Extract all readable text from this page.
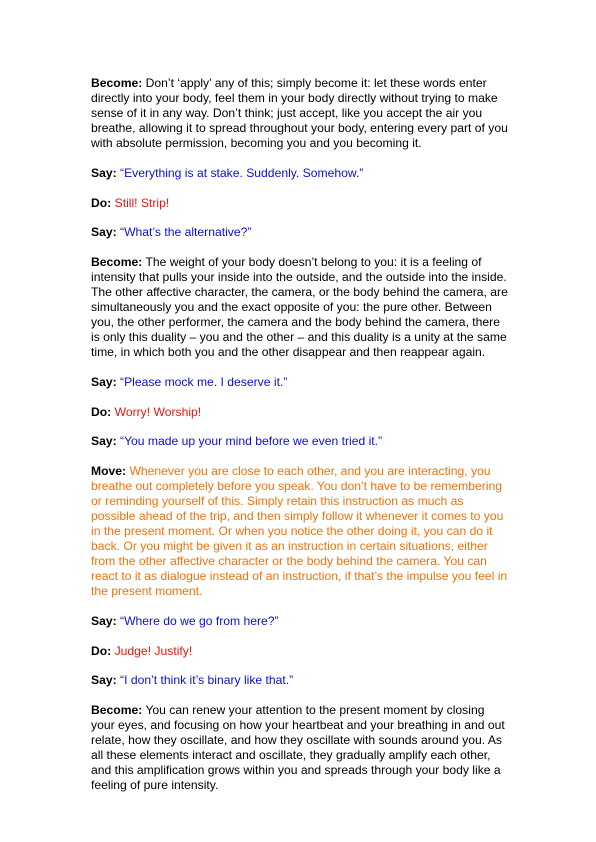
Become: Don’t ‘apply’ any of this; simply become it: let these words enter directly into your body, feel them in your body directly without trying to make sense of it in any way. Don’t think; just accept, like you accept the air you breathe, allowing it to spread throughout your body, entering every part of you with absolute permission, becoming you and you becoming it.

Say: “Everything is at stake. Suddenly. Somehow.”

Do: Still! Strip!

Say: “What’s the alternative?”

Become: The weight of your body doesn’t belong to you: it is a feeling of intensity that pulls your inside into the outside, and the outside into the inside. The other affective character, the camera, or the body behind the camera, are simultaneously you and the exact opposite of you: the pure other. Between you, the other performer, the camera and the body behind the camera, there is only this duality – you and the other – and this duality is a unity at the same time, in which both you and the other disappear and then reappear again.

Say: “Please mock me. I deserve it.”

Do: Worry! Worship!

Say: “You made up your mind before we even tried it.”

Move: Whenever you are close to each other, and you are interacting, you breathe out completely before you speak. You don’t have to be remembering or reminding yourself of this. Simply retain this instruction as much as possible ahead of the trip, and then simply follow it whenever it comes to you in the present moment. Or when you notice the other doing it, you can do it back. Or you might be given it as an instruction in certain situations, either from the other affective character or the body behind the camera. You can react to it as dialogue instead of an instruction, if that’s the impulse you feel in the present moment.

Say: “Where do we go from here?”

Do: Judge! Justify!

Say: “I don’t think it’s binary like that.”

Become: You can renew your attention to the present moment by closing your eyes, and focusing on how your heartbeat and your breathing in and out relate, how they oscillate, and how they oscillate with sounds around you. As all these elements interact and oscillate, they gradually amplify each other, and this amplification grows within you and spreads through your body like a feeling of pure intensity.
